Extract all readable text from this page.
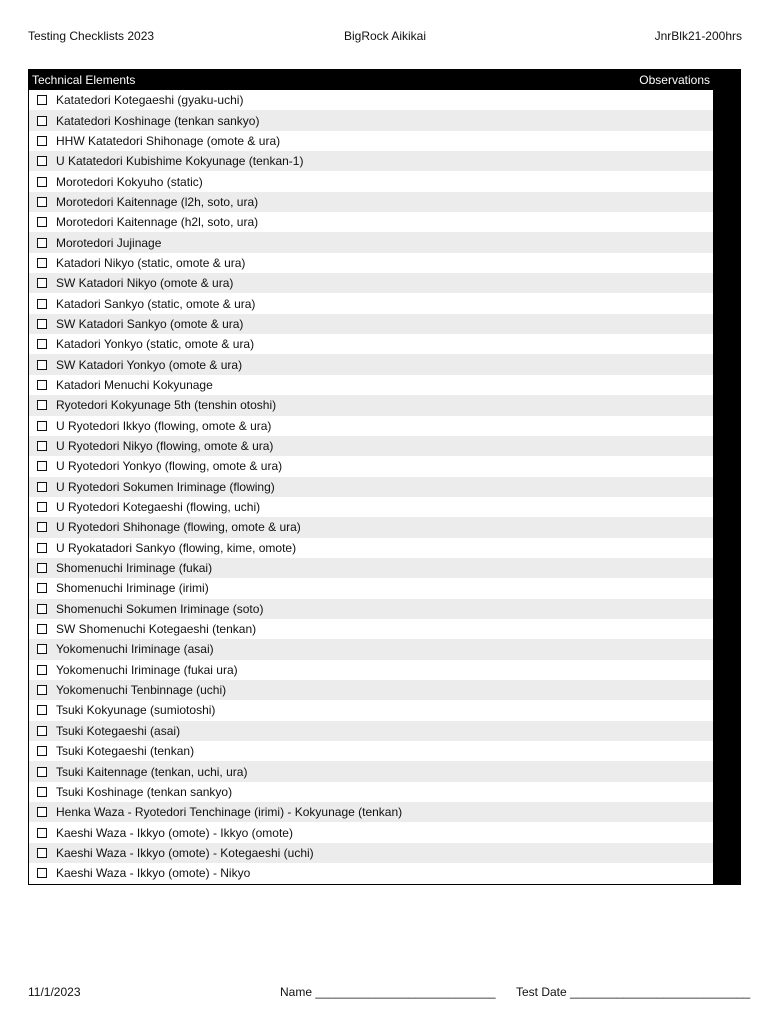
Testing Checklists 2023	BigRock Aikikai	JnrBlk21-200hrs
Technical Elements	Observations
Katatedori Kotegaeshi (gyaku-uchi)
Katatedori Koshinage (tenkan sankyo)
HHW Katatedori Shihonage (omote & ura)
U Katatedori Kubishime Kokyunage (tenkan-1)
Morotedori Kokyuho (static)
Morotedori Kaitennage (l2h, soto, ura)
Morotedori Kaitennage (h2l, soto, ura)
Morotedori Jujinage
Katadori Nikyo (static, omote & ura)
SW Katadori Nikyo (omote & ura)
Katadori Sankyo (static, omote & ura)
SW Katadori Sankyo (omote & ura)
Katadori Yonkyo (static, omote & ura)
SW Katadori Yonkyo (omote & ura)
Katadori Menuchi Kokyunage
Ryotedori Kokyunage 5th (tenshin otoshi)
U Ryotedori Ikkyo (flowing, omote & ura)
U Ryotedori Nikyo (flowing, omote & ura)
U Ryotedori Yonkyo (flowing, omote & ura)
U Ryotedori Sokumen Iriminage (flowing)
U Ryotedori Kotegaeshi (flowing, uchi)
U Ryotedori Shihonage (flowing, omote & ura)
U Ryokatadori Sankyo (flowing, kime, omote)
Shomenuchi Iriminage (fukai)
Shomenuchi Iriminage (irimi)
Shomenuchi Sokumen Iriminage (soto)
SW Shomenuchi Kotegaeshi (tenkan)
Yokomenuchi Iriminage (asai)
Yokomenuchi Iriminage (fukai ura)
Yokomenuchi Tenbinnage (uchi)
Tsuki Kokyunage (sumiotoshi)
Tsuki Kotegaeshi (asai)
Tsuki Kotegaeshi (tenkan)
Tsuki Kaitennage (tenkan, uchi, ura)
Tsuki Koshinage (tenkan sankyo)
Henka Waza - Ryotedori Tenchinage (irimi) - Kokyunage (tenkan)
Kaeshi Waza - Ikkyo (omote) - Ikkyo (omote)
Kaeshi Waza - Ikkyo (omote) - Kotegaeshi (uchi)
Kaeshi Waza - Ikkyo (omote) - Nikyo
11/1/2023	Name ___________________________ Test Date ___________________________
